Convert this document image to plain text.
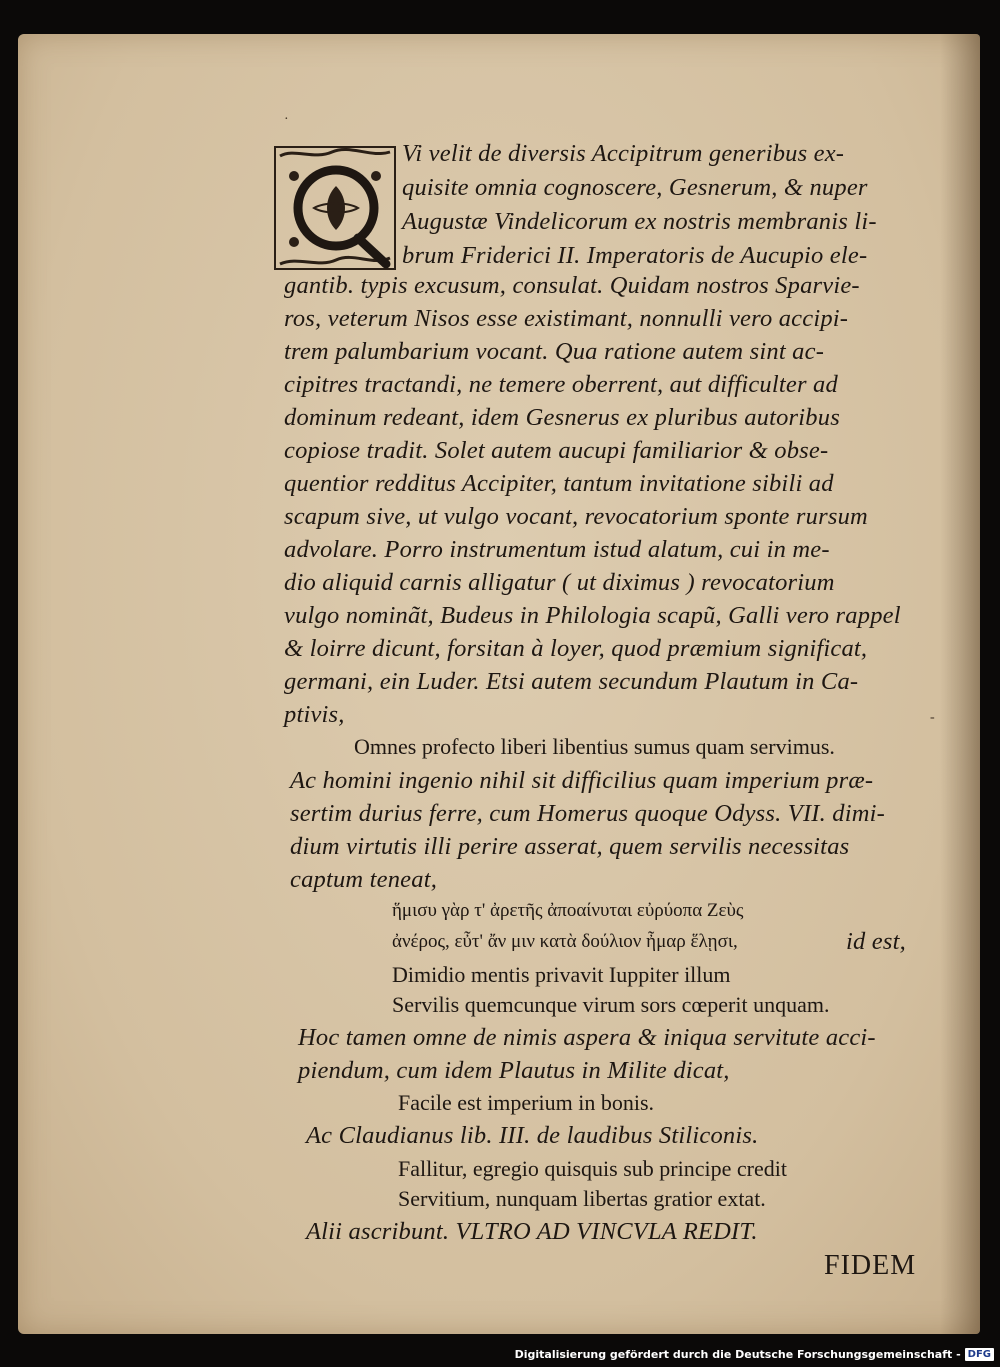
·
-
Vi velit de diversis Accipitrum generibus ex-
quisite omnia cognoscere, Gesnerum, & nuper
Augustæ Vindelicorum ex nostris membranis li-
brum Friderici II. Imperatoris de Aucupio ele-
gantib. typis excusum, consulat. Quidam nostros Sparvie-
ros, veterum Nisos esse existimant, nonnulli vero accipi-
trem palumbarium vocant. Qua ratione autem sint ac-
cipitres tractandi, ne temere oberrent, aut difficulter ad
dominum redeant, idem Gesnerus ex pluribus autoribus
copiose tradit. Solet autem aucupi familiarior & obse-
quentior redditus Accipiter, tantum invitatione sibili ad
scapum sive, ut vulgo vocant, revocatorium sponte rursum
advolare. Porro instrumentum istud alatum, cui in me-
dio aliquid carnis alligatur ( ut diximus ) revocatorium
vulgo nominãt, Budeus in Philologia scapũ, Galli vero rappel
& loirre dicunt, forsitan à loyer, quod præmium significat,
germani, ein Luder. Etsi autem secundum Plautum in Ca-
ptivis,
Omnes profecto liberi libentius sumus quam servimus.
Ac homini ingenio nihil sit difficilius quam imperium præ-
sertim durius ferre, cum Homerus quoque Odyss. VII. dimi-
dium virtutis illi perire asserat, quem servilis necessitas
captum teneat,
ἥμισυ γὰρ τ' ἀρετῆς ἀποαίνυται εὐρύοπα Ζεὺς
ἀνέρος, εὖτ' ἄν μιν κατὰ δούλιον ἦμαρ ἕλῃσι,	id est,
Dimidio mentis privavit Iuppiter illum
Servilis quemcunque virum sors cœperit unquam.
Hoc tamen omne de nimis aspera & iniqua servitute acci-
piendum, cum idem Plautus in Milite dicat,
Facile est imperium in bonis.
Ac Claudianus lib. III. de laudibus Stiliconis.
Fallitur, egregio quisquis sub principe credit
Servitium, nunquam libertas gratior extat.
Alii ascribunt. VLTRO AD VINCVLA REDIT.
FIDEM
Digitalisierung gefördert durch die Deutsche Forschungsgemeinschaft - DFG
